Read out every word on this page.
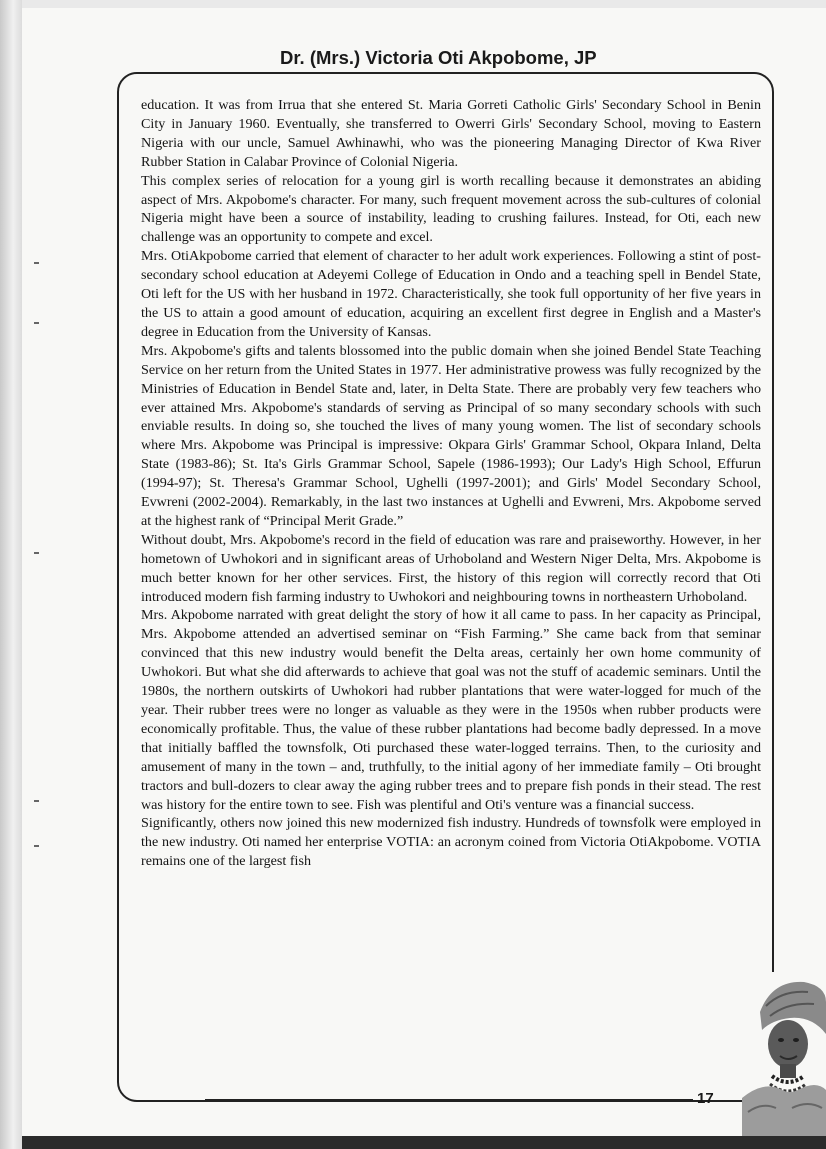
Dr. (Mrs.) Victoria Oti Akpobome, JP

education. It was from Irrua that she entered St. Maria Gorreti Catholic Girls' Secondary School in Benin City in January 1960. Eventually, she transferred to Owerri Girls' Secondary School, moving to Eastern Nigeria with our uncle, Samuel Awhinawhi, who was the pioneering Managing Director of Kwa River Rubber Station in Calabar Province of Colonial Nigeria.

This complex series of relocation for a young girl is worth recalling because it demonstrates an abiding aspect of Mrs. Akpobome's character. For many, such frequent movement across the sub-cultures of colonial Nigeria might have been a source of instability, leading to crushing failures. Instead, for Oti, each new challenge was an opportunity to compete and excel.

Mrs. OtiAkpobome carried that element of character to her adult work experiences. Following a stint of post-secondary school education at Adeyemi College of Education in Ondo and a teaching spell in Bendel State, Oti left for the US with her husband in 1972. Characteristically, she took full opportunity of her five years in the US to attain a good amount of education, acquiring an excellent first degree in English and a Master's degree in Education from the University of Kansas.

Mrs. Akpobome's gifts and talents blossomed into the public domain when she joined Bendel State Teaching Service on her return from the United States in 1977. Her administrative prowess was fully recognized by the Ministries of Education in Bendel State and, later, in Delta State. There are probably very few teachers who ever attained Mrs. Akpobome's standards of serving as Principal of so many secondary schools with such enviable results. In doing so, she touched the lives of many young women. The list of secondary schools where Mrs. Akpobome was Principal is impressive: Okpara Girls' Grammar School, Okpara Inland, Delta State (1983-86); St. Ita's Girls Grammar School, Sapele (1986-1993); Our Lady's High School, Effurun (1994-97); St. Theresa's Grammar School, Ughelli (1997-2001); and Girls' Model Secondary School, Evwreni (2002-2004). Remarkably, in the last two instances at Ughelli and Evwreni, Mrs. Akpobome served at the highest rank of “Principal Merit Grade.”

Without doubt, Mrs. Akpobome's record in the field of education was rare and praiseworthy. However, in her hometown of Uwhokori and in significant areas of Urhoboland and Western Niger Delta, Mrs. Akpobome is much better known for her other services. First, the history of this region will correctly record that Oti introduced modern fish farming industry to Uwhokori and neighbouring towns in northeastern Urhoboland.

Mrs. Akpobome narrated with great delight the story of how it all came to pass. In her capacity as Principal, Mrs. Akpobome attended an advertised seminar on “Fish Farming.” She came back from that seminar convinced that this new industry would benefit the Delta areas, certainly her own home community of Uwhokori. But what she did afterwards to achieve that goal was not the stuff of academic seminars. Until the 1980s, the northern outskirts of Uwhokori had rubber plantations that were water-logged for much of the year. Their rubber trees were no longer as valuable as they were in the 1950s when rubber products were economically profitable. Thus, the value of these rubber plantations had become badly depressed. In a move that initially baffled the townsfolk, Oti purchased these water-logged terrains. Then, to the curiosity and amusement of many in the town – and, truthfully, to the initial agony of her immediate family – Oti brought tractors and bull-dozers to clear away the aging rubber trees and to prepare fish ponds in their stead. The rest was history for the entire town to see. Fish was plentiful and Oti's venture was a financial success.

Significantly, others now joined this new modernized fish industry. Hundreds of townsfolk were employed in the new industry. Oti named her enterprise VOTIA: an acronym coined from Victoria OtiAkpobome. VOTIA remains one of the largest fish

17
